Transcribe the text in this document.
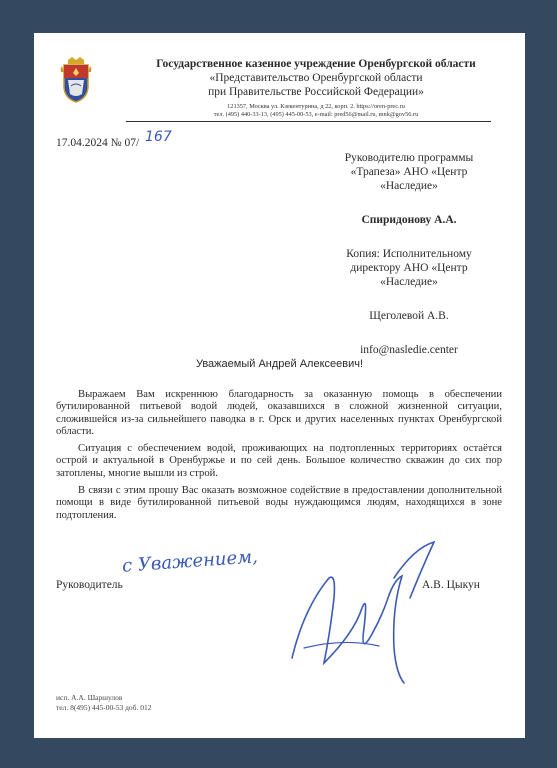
Государственное казенное учреждение Оренбургской области
«Представительство Оренбургской области
при Правительстве Российской Федерации»
121357, Москва ул. Кзекентурина, д 22, корп. 2. https://oren-prec.ru
тел. (495) 440-33-13, (495) 445-00-53, e-mail: pred56@mail.ru, mnk@gov56.ru
17.04.2024 № 07/ 167
Руководителю программы
«Трапеза» АНО «Центр
«Наследие»
Спиридонову А.А.
Копия: Исполнительному
директору АНО «Центр
«Наследие»
Щеголевой А.В.
info@nasledie.center
Уважаемый Андрей Алексеевич!

Выражаем Вам искреннюю благодарность за оказанную помощь в обеспечении бутилированной питьевой водой людей, оказавшихся в сложной жизненной ситуации, сложившейся из-за сильнейшего паводка в г. Орск и других населенных пунктах Оренбургской области.

Ситуация с обеспечением водой, проживающих на подтопленных территориях остаётся острой и актуальной в Оренбуржье и по сей день. Большое количество скважин до сих пор затоплены, многие вышли из строй.

В связи с этим прошу Вас оказать возможное содействие в предоставлении дополнительной помощи в виде бутилированной питьевой воды нуждающимся людям, находящихся в зоне подтопления.

с Уважением,
Руководитель	А.В. Цыкун
исп. А.А. Шаршулов
тел. 8(495) 445-00-53 доб. 012
